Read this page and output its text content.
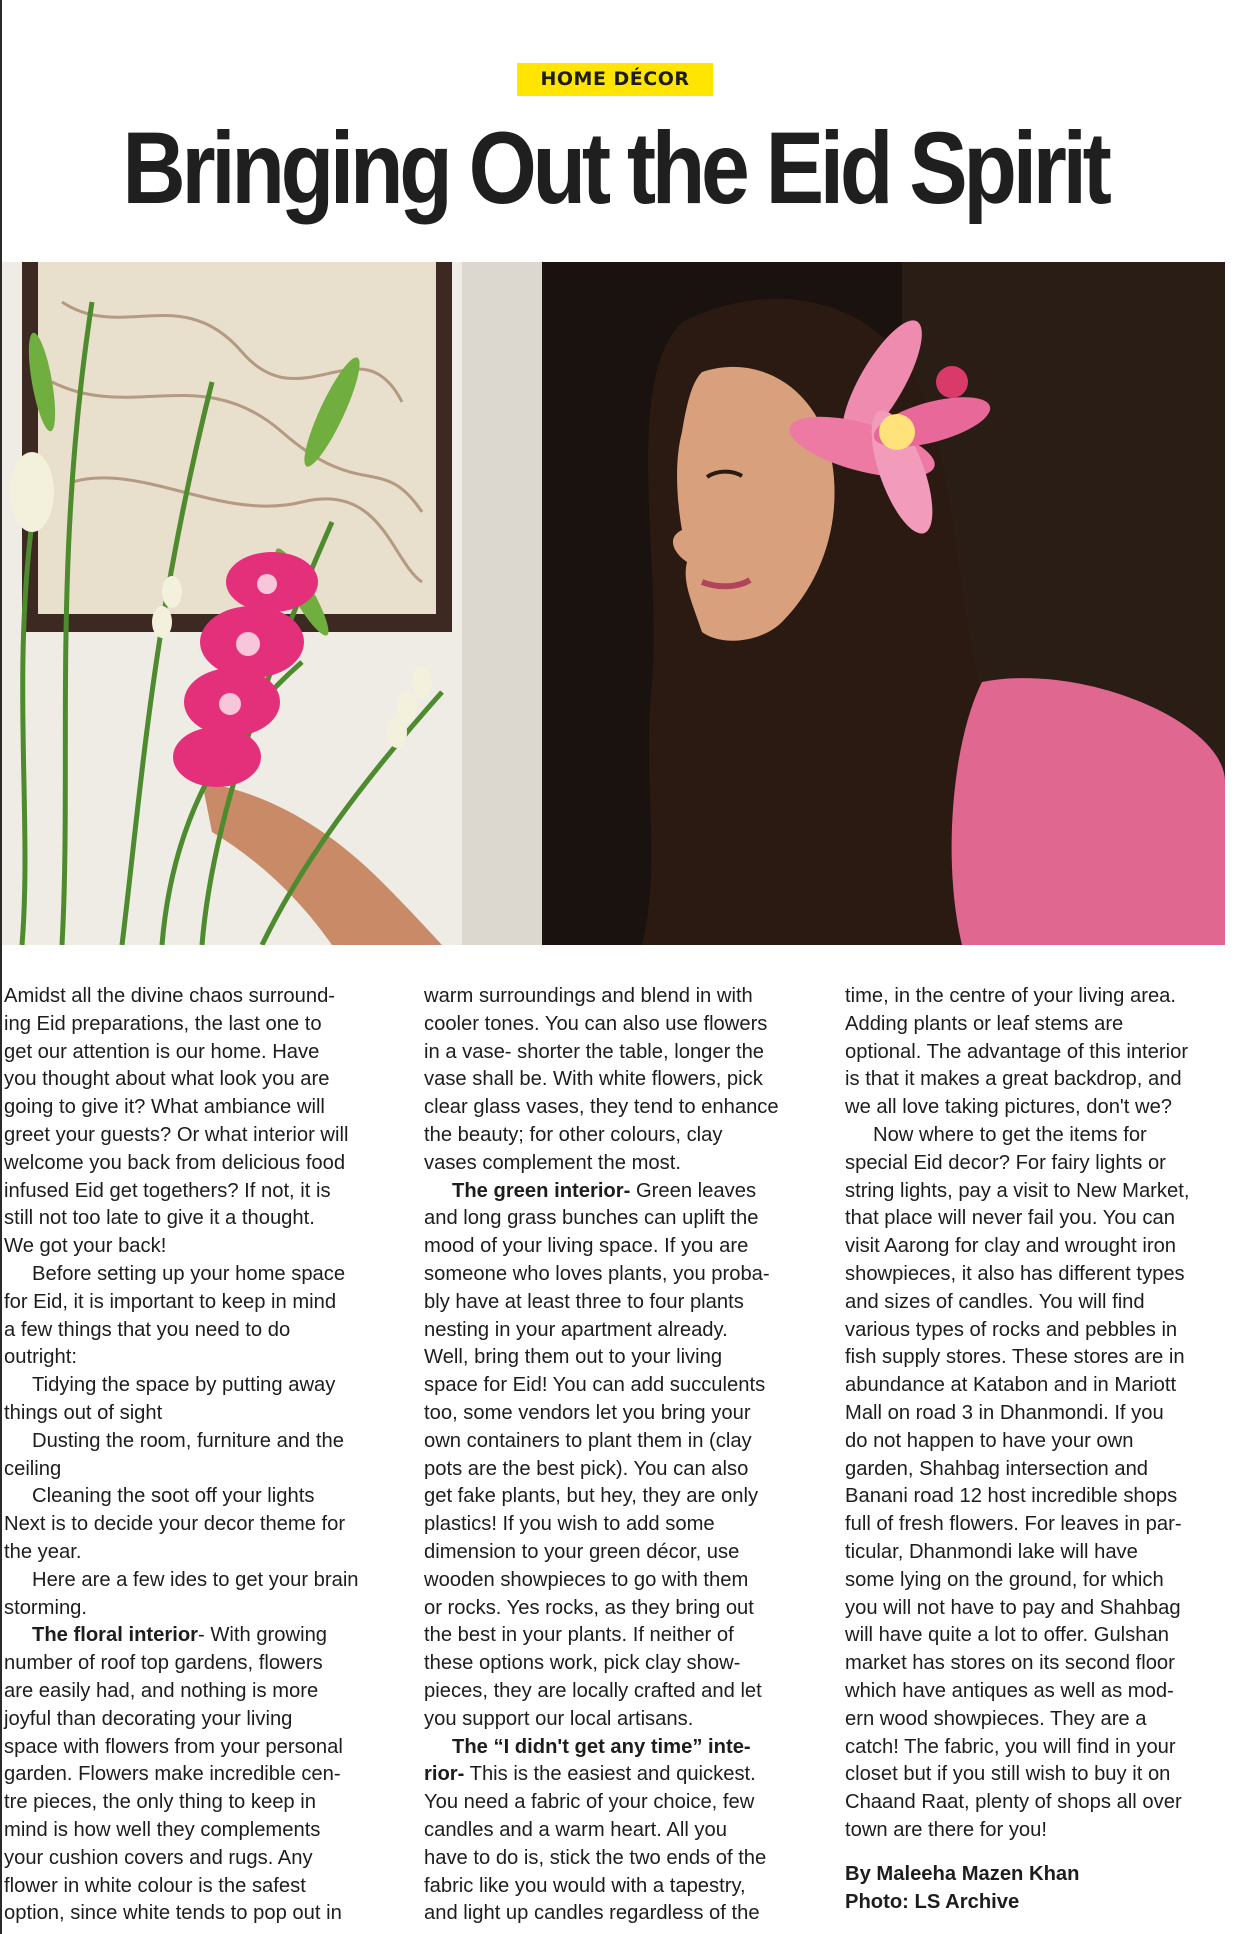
HOME DÉCOR
Bringing Out the Eid Spirit
Amidst all the divine chaos surround-
ing Eid preparations, the last one to
get our attention is our home. Have
you thought about what look you are
going to give it? What ambiance will
greet your guests? Or what interior will
welcome you back from delicious food
infused Eid get togethers? If not, it is
still not too late to give it a thought.
We got your back!
Before setting up your home space
for Eid, it is important to keep in mind
a few things that you need to do
outright:
Tidying the space by putting away
things out of sight
Dusting the room, furniture and the
ceiling
Cleaning the soot off your lights
Next is to decide your decor theme for
the year.
Here are a few ides to get your brain
storming.
The floral interior- With growing
number of roof top gardens, flowers
are easily had, and nothing is more
joyful than decorating your living
space with flowers from your personal
garden. Flowers make incredible cen-
tre pieces, the only thing to keep in
mind is how well they complements
your cushion covers and rugs. Any
flower in white colour is the safest
option, since white tends to pop out in
warm surroundings and blend in with
cooler tones. You can also use flowers
in a vase- shorter the table, longer the
vase shall be. With white flowers, pick
clear glass vases, they tend to enhance
the beauty; for other colours, clay
vases complement the most.
The green interior- Green leaves
and long grass bunches can uplift the
mood of your living space. If you are
someone who loves plants, you proba-
bly have at least three to four plants
nesting in your apartment already.
Well, bring them out to your living
space for Eid! You can add succulents
too, some vendors let you bring your
own containers to plant them in (clay
pots are the best pick). You can also
get fake plants, but hey, they are only
plastics! If you wish to add some
dimension to your green décor, use
wooden showpieces to go with them
or rocks. Yes rocks, as they bring out
the best in your plants. If neither of
these options work, pick clay show-
pieces, they are locally crafted and let
you support our local artisans.
The “I didn't get any time” inte-
rior- This is the easiest and quickest.
You need a fabric of your choice, few
candles and a warm heart. All you
have to do is, stick the two ends of the
fabric like you would with a tapestry,
and light up candles regardless of the
time, in the centre of your living area.
Adding plants or leaf stems are
optional. The advantage of this interior
is that it makes a great backdrop, and
we all love taking pictures, don't we?
Now where to get the items for
special Eid decor? For fairy lights or
string lights, pay a visit to New Market,
that place will never fail you. You can
visit Aarong for clay and wrought iron
showpieces, it also has different types
and sizes of candles. You will find
various types of rocks and pebbles in
fish supply stores. These stores are in
abundance at Katabon and in Mariott
Mall on road 3 in Dhanmondi. If you
do not happen to have your own
garden, Shahbag intersection and
Banani road 12 host incredible shops
full of fresh flowers. For leaves in par-
ticular, Dhanmondi lake will have
some lying on the ground, for which
you will not have to pay and Shahbag
will have quite a lot to offer. Gulshan
market has stores on its second floor
which have antiques as well as mod-
ern wood showpieces. They are a
catch! The fabric, you will find in your
closet but if you still wish to buy it on
Chaand Raat, plenty of shops all over
town are there for you!
By Maleeha Mazen Khan
Photo: LS Archive
